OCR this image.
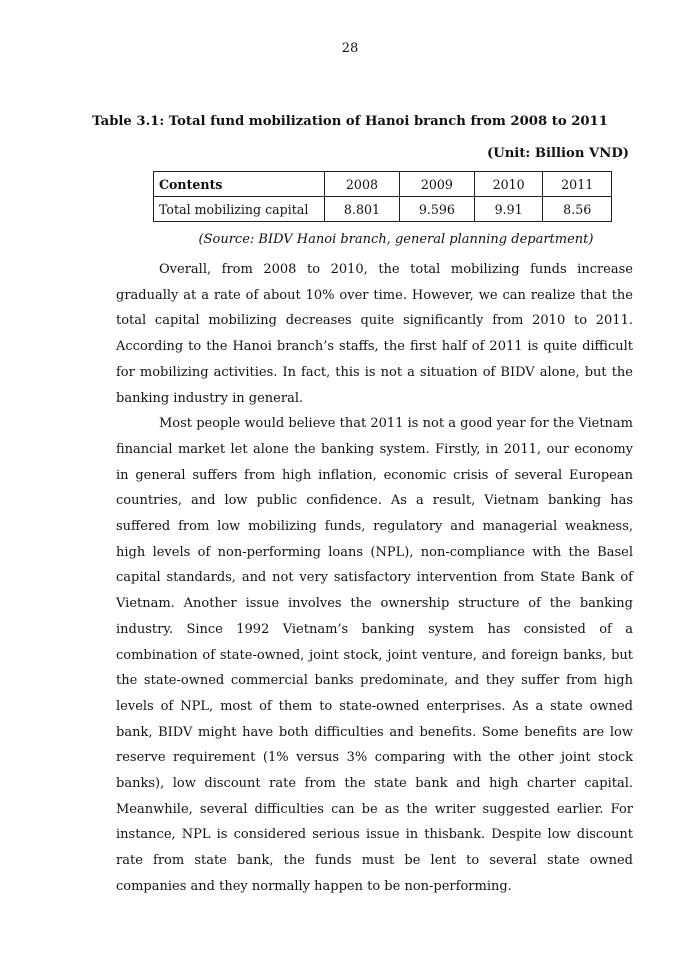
28
Table 3.1: Total fund mobilization of Hanoi branch from 2008 to 2011
(Unit: Billion VND)
Contents	2008	2009	2010	2011
Total mobilizing capital	8.801	9.596	9.91	8.56
(Source: BIDV Hanoi branch, general planning department)

Overall, from 2008 to 2010, the total mobilizing funds increase gradually at a rate of about 10% over time. However, we can realize that the total capital mobilizing decreases quite significantly from 2010 to 2011. According to the Hanoi branch’s staffs, the first half of 2011 is quite difficult for mobilizing activities. In fact, this is not a situation of BIDV alone, but the banking industry in general.

Most people would believe that 2011 is not a good year for the Vietnam financial market let alone the banking system. Firstly, in 2011, our economy in general suffers from high inflation, economic crisis of several European countries, and low public confidence. As a result, Vietnam banking has suffered from low mobilizing funds, regulatory and managerial weakness, high levels of non-performing loans (NPL), non-compliance with the Basel capital standards, and not very satisfactory intervention from State Bank of Vietnam. Another issue involves the ownership structure of the banking industry. Since 1992 Vietnam’s banking system has consisted of a combination of state-owned, joint stock, joint venture, and foreign banks, but the state-owned commercial banks predominate, and they suffer from high levels of NPL, most of them to state-owned enterprises. As a state owned bank, BIDV might have both difficulties and benefits. Some benefits are low reserve requirement (1% versus 3% comparing with the other joint stock banks), low discount rate from the state bank and high charter capital. Meanwhile, several difficulties can be as the writer suggested earlier. For instance, NPL is considered serious issue in thisbank. Despite low discount rate from state bank, the funds must be lent to several state owned companies and they normally happen to be non-performing.
